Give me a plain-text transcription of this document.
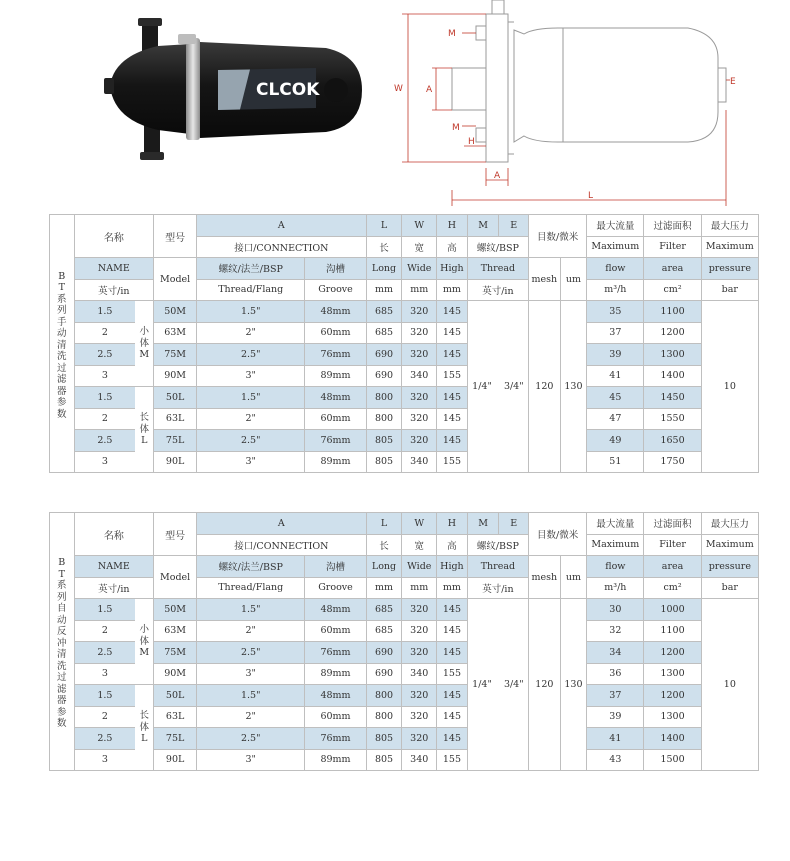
CLCOK
M
W	A
H
M
A
L
E
BT系列手动清洗过滤器参数	名称		型号	A		L	W	H	M	E	目数/微米		最大流量	过滤面积	最大压力
				接口/CONNECTION		长	宽	高	螺纹/BSP				Maximum	Filter	Maximum
	NAME		Model	螺纹/法兰/BSP	沟槽	Long	Wide	High	Thread		mesh	um	flow	area	pressure
	英寸/in			Thread/Flang	Groove	mm	mm	mm	英寸/in				m³/h	cm²	bar
	1.5	小体M	50M	1.5"	48mm	685	320	145	1/4" 3/4"		120	130	35	1100	10
	2		63M	2"	60mm	685	320	145					37	1200	
	2.5		75M	2.5"	76mm	690	320	145					39	1300	
	3		90M	3"	89mm	690	340	155					41	1400	
	1.5	长体L	50L	1.5"	48mm	800	320	145					45	1450	
	2		63L	2"	60mm	800	320	145					47	1550	
	2.5		75L	2.5"	76mm	805	320	145					49	1650	
	3		90L	3"	89mm	805	340	155					51	1750	
BT系列自动反冲清洗过滤器参数	名称		型号	A		L	W	H	M	E	目数/微米		最大流量	过滤面积	最大压力
				接口/CONNECTION		长	宽	高	螺纹/BSP				Maximum	Filter	Maximum
	NAME		Model	螺纹/法兰/BSP	沟槽	Long	Wide	High	Thread		mesh	um	flow	area	pressure
	英寸/in			Thread/Flang	Groove	mm	mm	mm	英寸/in				m³/h	cm²	bar
	1.5	小体M	50M	1.5"	48mm	685	320	145	1/4" 3/4"		120	130	30	1000	10
	2		63M	2"	60mm	685	320	145					32	1100	
	2.5		75M	2.5"	76mm	690	320	145					34	1200	
	3		90M	3"	89mm	690	340	155					36	1300	
	1.5	长体L	50L	1.5"	48mm	800	320	145					37	1200	
	2		63L	2"	60mm	800	320	145					39	1300	
	2.5		75L	2.5"	76mm	805	320	145					41	1400	
	3		90L	3"	89mm	805	340	155					43	1500	
